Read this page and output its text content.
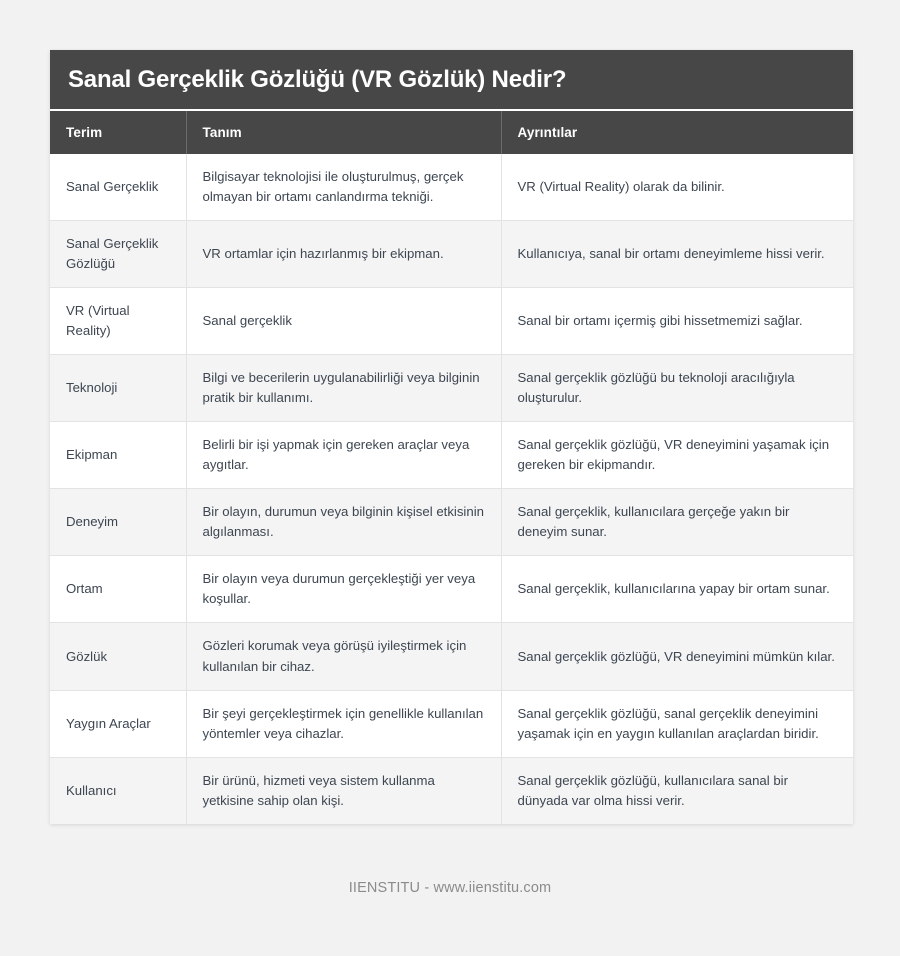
Sanal Gerçeklik Gözlüğü (VR Gözlük) Nedir?
Terim	Tanım	Ayrıntılar
Sanal Gerçeklik	Bilgisayar teknolojisi ile oluşturulmuş, gerçek olmayan bir ortamı canlandırma tekniği.	VR (Virtual Reality) olarak da bilinir.
Sanal Gerçeklik Gözlüğü	VR ortamlar için hazırlanmış bir ekipman.	Kullanıcıya, sanal bir ortamı deneyimleme hissi verir.
VR (Virtual Reality)	Sanal gerçeklik	Sanal bir ortamı içermiş gibi hissetmemizi sağlar.
Teknoloji	Bilgi ve becerilerin uygulanabilirliği veya bilginin pratik bir kullanımı.	Sanal gerçeklik gözlüğü bu teknoloji aracılığıyla oluşturulur.
Ekipman	Belirli bir işi yapmak için gereken araçlar veya aygıtlar.	Sanal gerçeklik gözlüğü, VR deneyimini yaşamak için gereken bir ekipmandır.
Deneyim	Bir olayın, durumun veya bilginin kişisel etkisinin algılanması.	Sanal gerçeklik, kullanıcılara gerçeğe yakın bir deneyim sunar.
Ortam	Bir olayın veya durumun gerçekleştiği yer veya koşullar.	Sanal gerçeklik, kullanıcılarına yapay bir ortam sunar.
Gözlük	Gözleri korumak veya görüşü iyileştirmek için kullanılan bir cihaz.	Sanal gerçeklik gözlüğü, VR deneyimini mümkün kılar.
Yaygın Araçlar	Bir şeyi gerçekleştirmek için genellikle kullanılan yöntemler veya cihazlar.	Sanal gerçeklik gözlüğü, sanal gerçeklik deneyimini yaşamak için en yaygın kullanılan araçlardan biridir.
Kullanıcı	Bir ürünü, hizmeti veya sistem kullanma yetkisine sahip olan kişi.	Sanal gerçeklik gözlüğü, kullanıcılara sanal bir dünyada var olma hissi verir.
IIENSTITU - www.iienstitu.com
